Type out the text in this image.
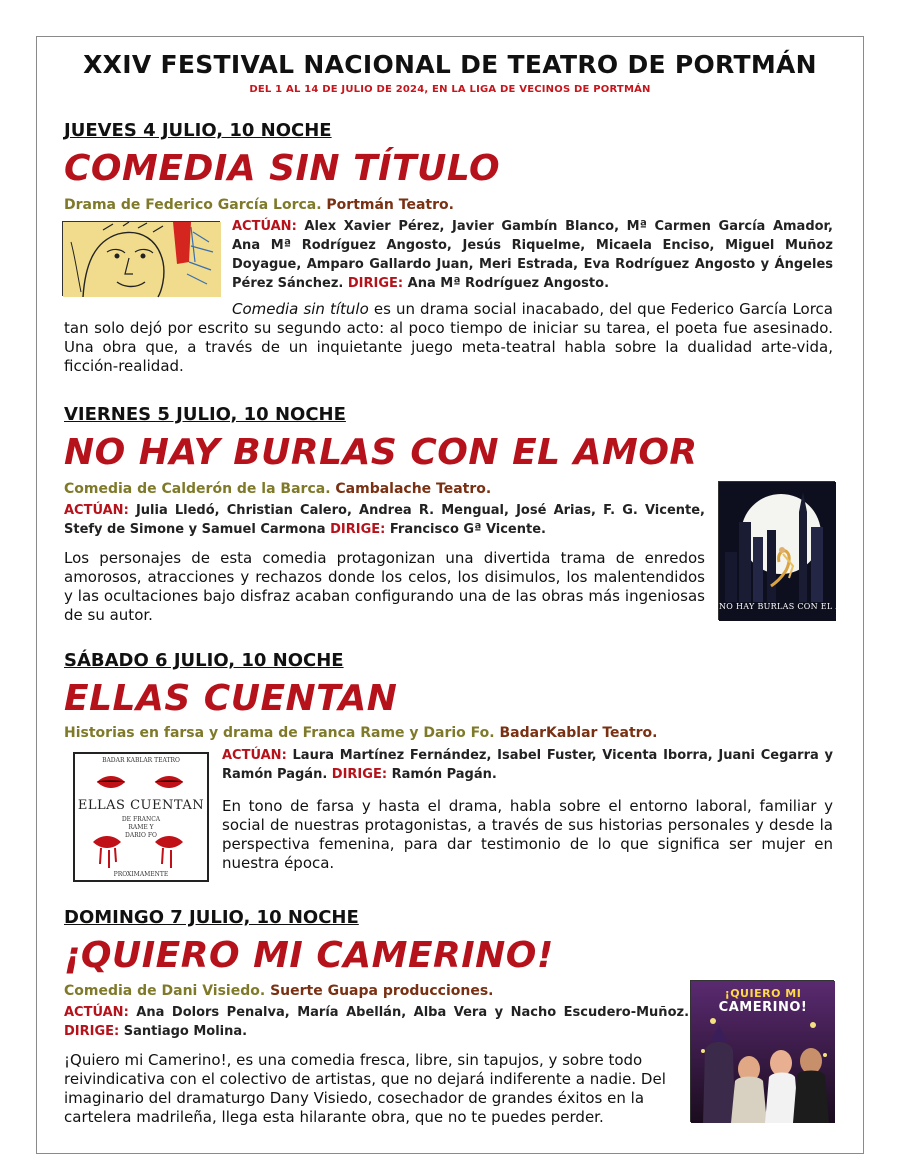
XXIV FESTIVAL NACIONAL DE TEATRO DE PORTMÁN
DEL 1 AL 14 DE JULIO DE 2024, EN LA LIGA DE VECINOS DE PORTMÁN
JUEVES 4 JULIO, 10 NOCHE
COMEDIA SIN TÍTULO
Drama de Federico García Lorca. Portmán Teatro.
ACTÚAN: Alex Xavier Pérez, Javier Gambín Blanco, Mª Carmen García Amador, Ana Mª Rodríguez Angosto, Jesús Riquelme, Micaela Enciso, Miguel Muñoz Doyague, Amparo Gallardo Juan, Meri Estrada, Eva Rodríguez Angosto y Ángeles Pérez Sánchez. DIRIGE: Ana Mª Rodríguez Angosto.
Comedia sin título es un drama social inacabado, del que Federico García Lorca tan solo dejó por escrito su segundo acto: al poco tiempo de iniciar su tarea, el poeta fue asesinado. Una obra que, a través de un inquietante juego meta-teatral habla sobre la dualidad arte-vida, ficción-realidad.
VIERNES 5 JULIO, 10 NOCHE
NO HAY BURLAS CON EL AMOR
Comedia de Calderón de la Barca. Cambalache Teatro.
ACTÚAN: Julia Lledó, Christian Calero, Andrea R. Mengual, José Arias, F. G. Vicente, Stefy de Simone y Samuel Carmona DIRIGE: Francisco Gª Vicente.
Los personajes de esta comedia protagonizan una divertida trama de enredos amorosos, atracciones y rechazos donde los celos, los disimulos, los malentendidos y las ocultaciones bajo disfraz acaban configurando una de las obras más ingeniosas de su autor.	NO HAY BURLAS CON EL AMOR
SÁBADO 6 JULIO, 10 NOCHE
ELLAS CUENTAN
Historias en farsa y drama de Franca Rame y Dario Fo. BadarKablar Teatro.
BADAR KABLAR TEATRO
ELLAS CUENTAN
DE FRANCA RAME Y DARIO FO
PROXIMAMENTE
ACTÚAN: Laura Martínez Fernández, Isabel Fuster, Vicenta Iborra, Juani Cegarra y Ramón Pagán. DIRIGE: Ramón Pagán.
En tono de farsa y hasta el drama, habla sobre el entorno laboral, familiar y social de nuestras protagonistas, a través de sus historias personales y desde la perspectiva femenina, para dar testimonio de lo que significa ser mujer en nuestra época.
DOMINGO 7 JULIO, 10 NOCHE
¡QUIERO MI CAMERINO!
Comedia de Dani Visiedo. Suerte Guapa producciones.
ACTÚAN: Ana Dolors Penalva, María Abellán, Alba Vera y Nacho Escudero-Muñoz. DIRIGE: Santiago Molina.
¡Quiero mi Camerino!, es una comedia fresca, libre, sin tapujos, y sobre todo reivindicativa con el colectivo de artistas, que no dejará indiferente a nadie. Del imaginario del dramaturgo Dany Visiedo, cosechador de grandes éxitos en la cartelera madrileña, llega esta hilarante obra, que no te puedes perder.
¡QUIERO MI
CAMERINO!
